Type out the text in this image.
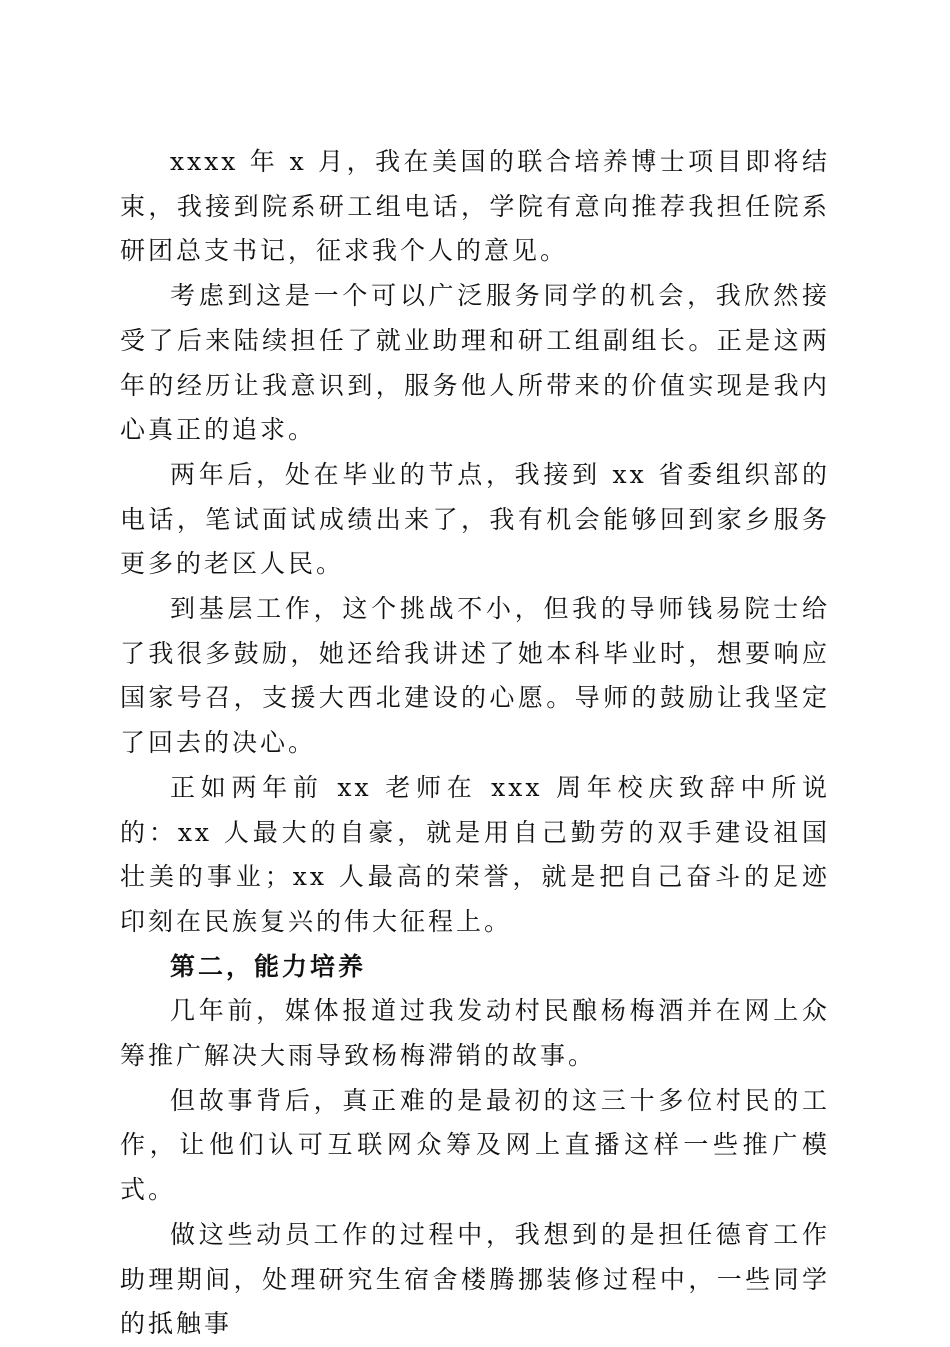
xxxx 年 x 月，我在美国的联合培养博士项目即将结束，我接到院系研工组电话，学院有意向推荐我担任院系研团总支书记，征求我个人的意见。

考虑到这是一个可以广泛服务同学的机会，我欣然接受了后来陆续担任了就业助理和研工组副组长。正是这两年的经历让我意识到，服务他人所带来的价值实现是我内心真正的追求。

两年后，处在毕业的节点，我接到 xx 省委组织部的电话，笔试面试成绩出来了，我有机会能够回到家乡服务更多的老区人民。

到基层工作，这个挑战不小，但我的导师钱易院士给了我很多鼓励，她还给我讲述了她本科毕业时，想要响应国家号召，支援大西北建设的心愿。导师的鼓励让我坚定了回去的决心。

正如两年前 xx 老师在 xxx 周年校庆致辞中所说的：xx 人最大的自豪，就是用自己勤劳的双手建设祖国壮美的事业；xx 人最高的荣誉，就是把自己奋斗的足迹印刻在民族复兴的伟大征程上。

第二，能力培养

几年前，媒体报道过我发动村民酿杨梅酒并在网上众筹推广解决大雨导致杨梅滞销的故事。

但故事背后，真正难的是最初的这三十多位村民的工作，让他们认可互联网众筹及网上直播这样一些推广模式。

做这些动员工作的过程中，我想到的是担任德育工作助理期间，处理研究生宿舍楼腾挪装修过程中，一些同学的抵触事
